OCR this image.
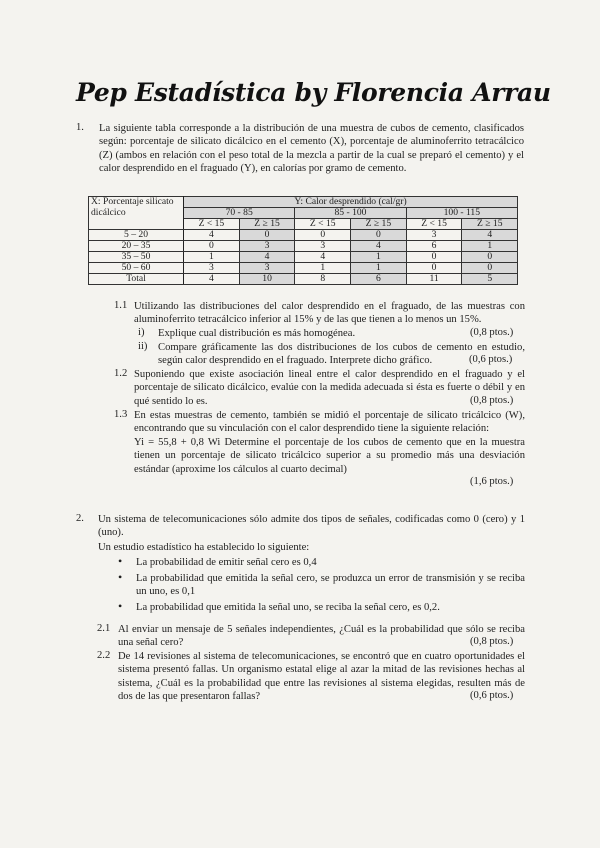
Pep Estadística by Florencia Arrau
1. La siguiente tabla corresponde a la distribución de una muestra de cubos de cemento, clasificados según: porcentaje de silicato dicálcico en el cemento (X), porcentaje de aluminoferrito tetracálcico (Z) (ambos en relación con el peso total de la mezcla a partir de la cual se preparó el cemento) y el calor desprendido en el fraguado (Y), en calorías por gramo de cemento.
X: Porcentaje silicato dicálcico	Y: Calor desprendido (cal/gr)					
	70 - 85		85 - 100		100 - 115	
	Z < 15	Z ≥ 15	Z < 15	Z ≥ 15	Z < 15	Z ≥ 15
5 – 20	4	0	0	0	3	4
20 – 35	0	3	3	4	6	1
35 – 50	1	4	4	1	0	0
50 – 60	3	3	1	1	0	0
Total	4	10	8	6	11	5
1.1 Utilizando las distribuciones del calor desprendido en el fraguado, de las muestras con aluminoferrito tetracálcico inferior al 15% y de las que tienen a lo menos un 15%.
i) Explique cual distribución es más homogénea.	(0,8 ptos.)
ii) Compare gráficamente las dos distribuciones de los cubos de cemento en estudio, según calor desprendido en el fraguado. Interprete dicho gráfico.	(0,6 ptos.)
1.2 Suponiendo que existe asociación lineal entre el calor desprendido en el fraguado y el porcentaje de silicato dicálcico, evalúe con la medida adecuada si ésta es fuerte o débil y en qué sentido lo es.	(0,8 ptos.)
1.3 En estas muestras de cemento, también se midió el porcentaje de silicato tricálcico (W), encontrando que su vinculación con el calor desprendido tiene la siguiente relación:
Yi = 55,8 + 0,8 Wi Determine el porcentaje de los cubos de cemento que en la muestra tienen un porcentaje de silicato tricálcico superior a su promedio más una desviación estándar (aproxime los cálculos al cuarto decimal)
(1,6 ptos.)
2. Un sistema de telecomunicaciones sólo admite dos tipos de señales, codificadas como 0 (cero) y 1 (uno).
Un estudio estadístico ha establecido lo siguiente:
• La probabilidad de emitir señal cero es 0,4
• La probabilidad que emitida la señal cero, se produzca un error de transmisión y se reciba un uno, es 0,1
• La probabilidad que emitida la señal uno, se reciba la señal cero, es 0,2.
2.1 Al enviar un mensaje de 5 señales independientes, ¿Cuál es la probabilidad que sólo se reciba una señal cero?	(0,8 ptos.)
2.2 De 14 revisiones al sistema de telecomunicaciones, se encontró que en cuatro oportunidades el sistema presentó fallas. Un organismo estatal elige al azar la mitad de las revisiones hechas al sistema, ¿Cuál es la probabilidad que entre las revisiones al sistema elegidas, resulten más de dos de las que presentaron fallas?	(0,6 ptos.)
